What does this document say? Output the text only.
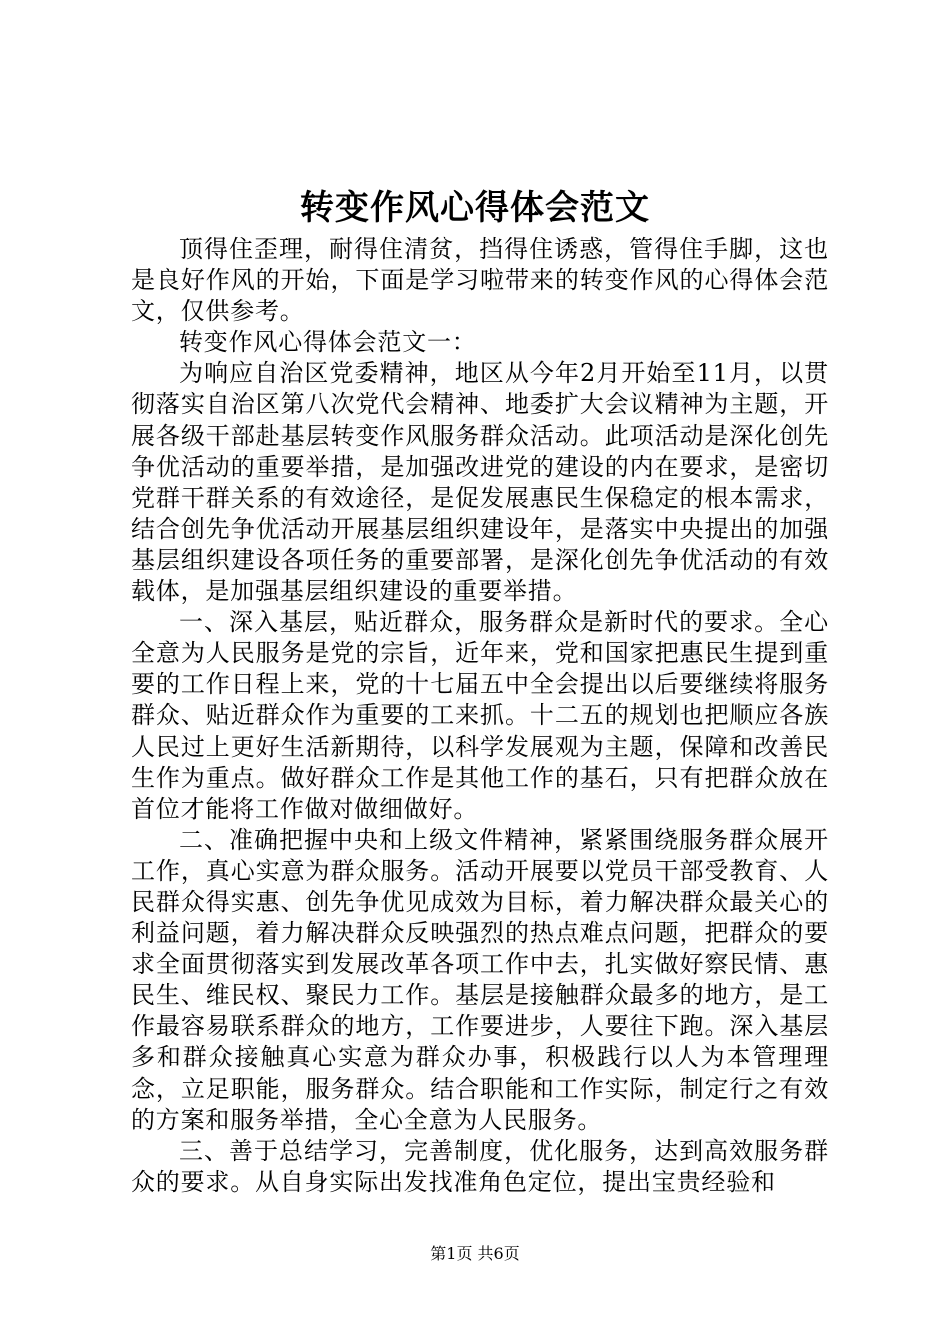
转变作风心得体会范文

顶得住歪理，耐得住清贫，挡得住诱惑，管得住手脚，这也是良好作风的开始，下面是学习啦带来的转变作风的心得体会范文，仅供参考。

转变作风心得体会范文一：

为响应自治区党委精神，地区从今年2月开始至11月，以贯彻落实自治区第八次党代会精神、地委扩大会议精神为主题，开展各级干部赴基层转变作风服务群众活动。此项活动是深化创先争优活动的重要举措，是加强改进党的建设的内在要求，是密切党群干群关系的有效途径，是促发展惠民生保稳定的根本需求，结合创先争优活动开展基层组织建设年，是落实中央提出的加强基层组织建设各项任务的重要部署，是深化创先争优活动的有效载体，是加强基层组织建设的重要举措。

一、深入基层，贴近群众，服务群众是新时代的要求。全心全意为人民服务是党的宗旨，近年来，党和国家把惠民生提到重要的工作日程上来，党的十七届五中全会提出以后要继续将服务群众、贴近群众作为重要的工来抓。十二五的规划也把顺应各族人民过上更好生活新期待，以科学发展观为主题，保障和改善民生作为重点。做好群众工作是其他工作的基石，只有把群众放在首位才能将工作做对做细做好。

二、准确把握中央和上级文件精神，紧紧围绕服务群众展开工作，真心实意为群众服务。活动开展要以党员干部受教育、人民群众得实惠、创先争优见成效为目标，着力解决群众最关心的利益问题，着力解决群众反映强烈的热点难点问题，把群众的要求全面贯彻落实到发展改革各项工作中去，扎实做好察民情、惠民生、维民权、聚民力工作。基层是接触群众最多的地方，是工作最容易联系群众的地方，工作要进步，人要往下跑。深入基层多和群众接触真心实意为群众办事，积极践行以人为本管理理念，立足职能，服务群众。结合职能和工作实际，制定行之有效的方案和服务举措，全心全意为人民服务。

三、善于总结学习，完善制度，优化服务，达到高效服务群众的要求。从自身实际出发找准角色定位，提出宝贵经验和

第1页 共6页
